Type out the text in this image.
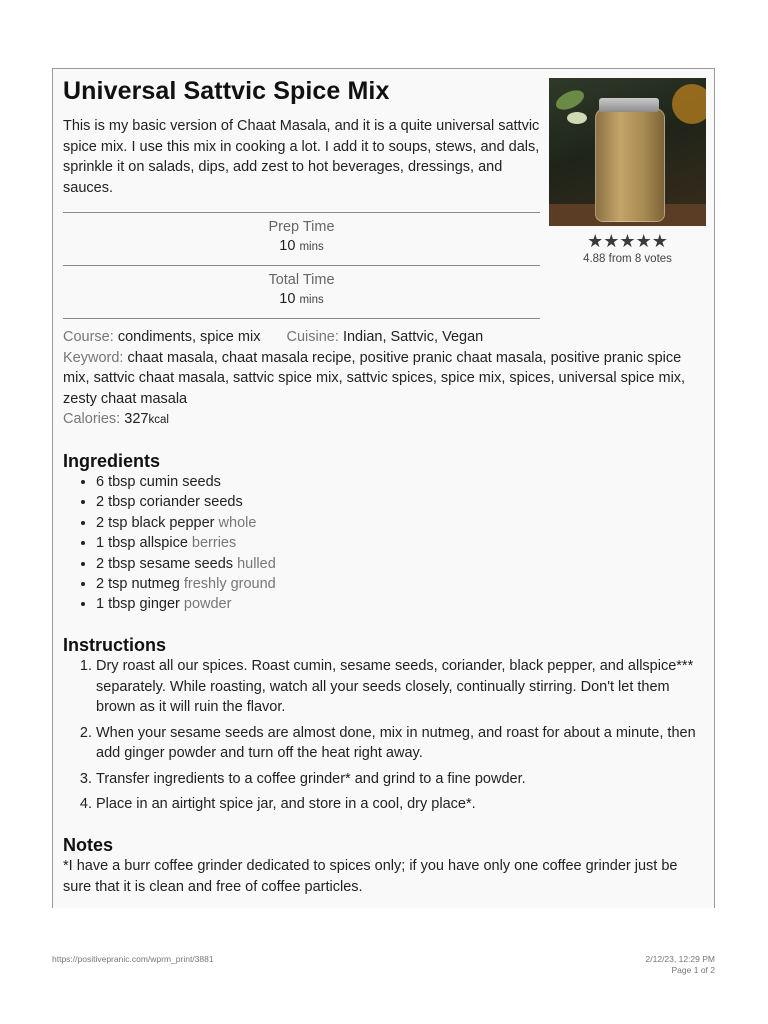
Universal Sattvic Spice Mix
This is my basic version of Chaat Masala, and it is a quite universal sattvic spice mix. I use this mix in cooking a lot. I add it to soups, stews, and dals, sprinkle it on salads, dips, add zest to hot beverages, dressings, and sauces.
★★★★★
4.88 from 8 votes
Prep Time
10 mins
Total Time
10 mins
Course: condiments, spice mix Cuisine: Indian, Sattvic, Vegan
Keyword: chaat masala, chaat masala recipe, positive pranic chaat masala, positive pranic spice mix, sattvic chaat masala, sattvic spice mix, sattvic spices, spice mix, spices, universal spice mix, zesty chaat masala
Calories: 327kcal
Ingredients
• 6 tbsp cumin seeds
• 2 tbsp coriander seeds
• 2 tsp black pepper whole
• 1 tbsp allspice berries
• 2 tbsp sesame seeds hulled
• 2 tsp nutmeg freshly ground
• 1 tbsp ginger powder
Instructions
1. Dry roast all our spices. Roast cumin, sesame seeds, coriander, black pepper, and allspice*** separately. While roasting, watch all your seeds closely, continually stirring. Don't let them brown as it will ruin the flavor.
2. When your sesame seeds are almost done, mix in nutmeg, and roast for about a minute, then add ginger powder and turn off the heat right away.
3. Transfer ingredients to a coffee grinder* and grind to a fine powder.
4. Place in an airtight spice jar, and store in a cool, dry place*.
Notes
*I have a burr coffee grinder dedicated to spices only; if you have only one coffee grinder just be sure that it is clean and free of coffee particles.
https://positivepranic.com/wprm_print/3881	2/12/23, 12:29 PM
Page 1 of 2
